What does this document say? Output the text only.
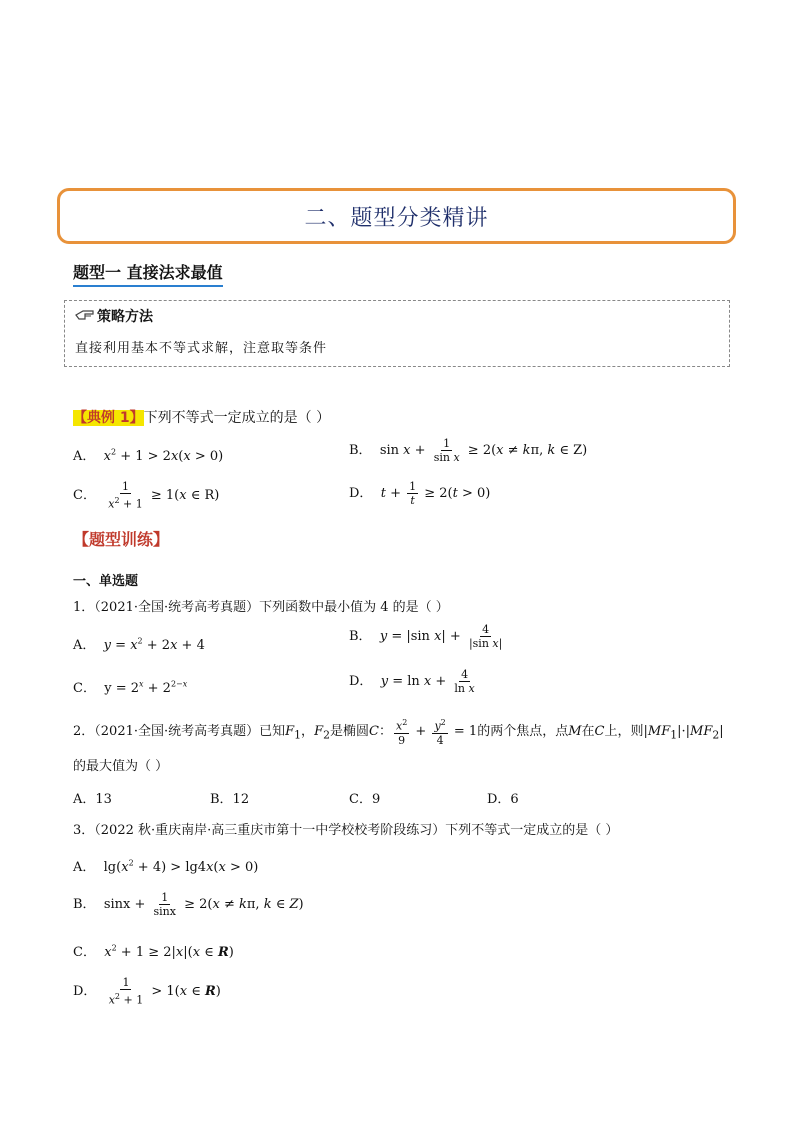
二、题型分类精讲
题型一 直接法求最值
策略方法
直接利用基本不等式求解，注意取等条件
【典例 1】下列不等式一定成立的是（ ）
A． $x^2 + 1 > 2x(x > 0)$	B．  $\sin x + \frac{1}{\text{sin x}} \ge 2(x \ne k\pi$, k ∈ Z)
C． $\frac{1}{x^2 + 1} \ge 1(x$ ∈ R)	D． $t + \frac{1}{t} \ge 2(t > 0)$
【题型训练】
一、单选题
1．（2021·全国·统考高考真题）下列函数中最小值为 4 的是（ ）
A．  $y = x^2 + 2x + 4$
B．  y = |sin $x| + \frac{4}{\text{|sin x|}}$
C．  $y = 2^x + 2^{2-x}$	D．  $y = \ln x + \frac{4}{\text{ln x}}$
2．（2021·全国·统考高考真题）已知$F_1$，$F_2$是椭圆C： $\frac{x^2}{9} + \frac{y^2}{4} = 1$的两个焦点，点M在C上，则$|MF_1|\cdot|MF_2|$
的最大值为（ ）
A．13	B．12	C．9	D．6
3．（2022 秋·重庆南岸·高三重庆市第十一中学校校考阶段练习）下列不等式一定成立的是（ ）
A．  $\lg(x^2 + 4) > \lg 4x(x > 0)$
B．  $\sin x + \frac{1}{\sin x} \ge 2(x \ne k\pi$, k ∈ Z)
C．  $x^2 + 1 \ge 2|x|(x$ ∈ R)
D． $\frac{1}{x^2 + 1} > 1(x$ ∈ R)
